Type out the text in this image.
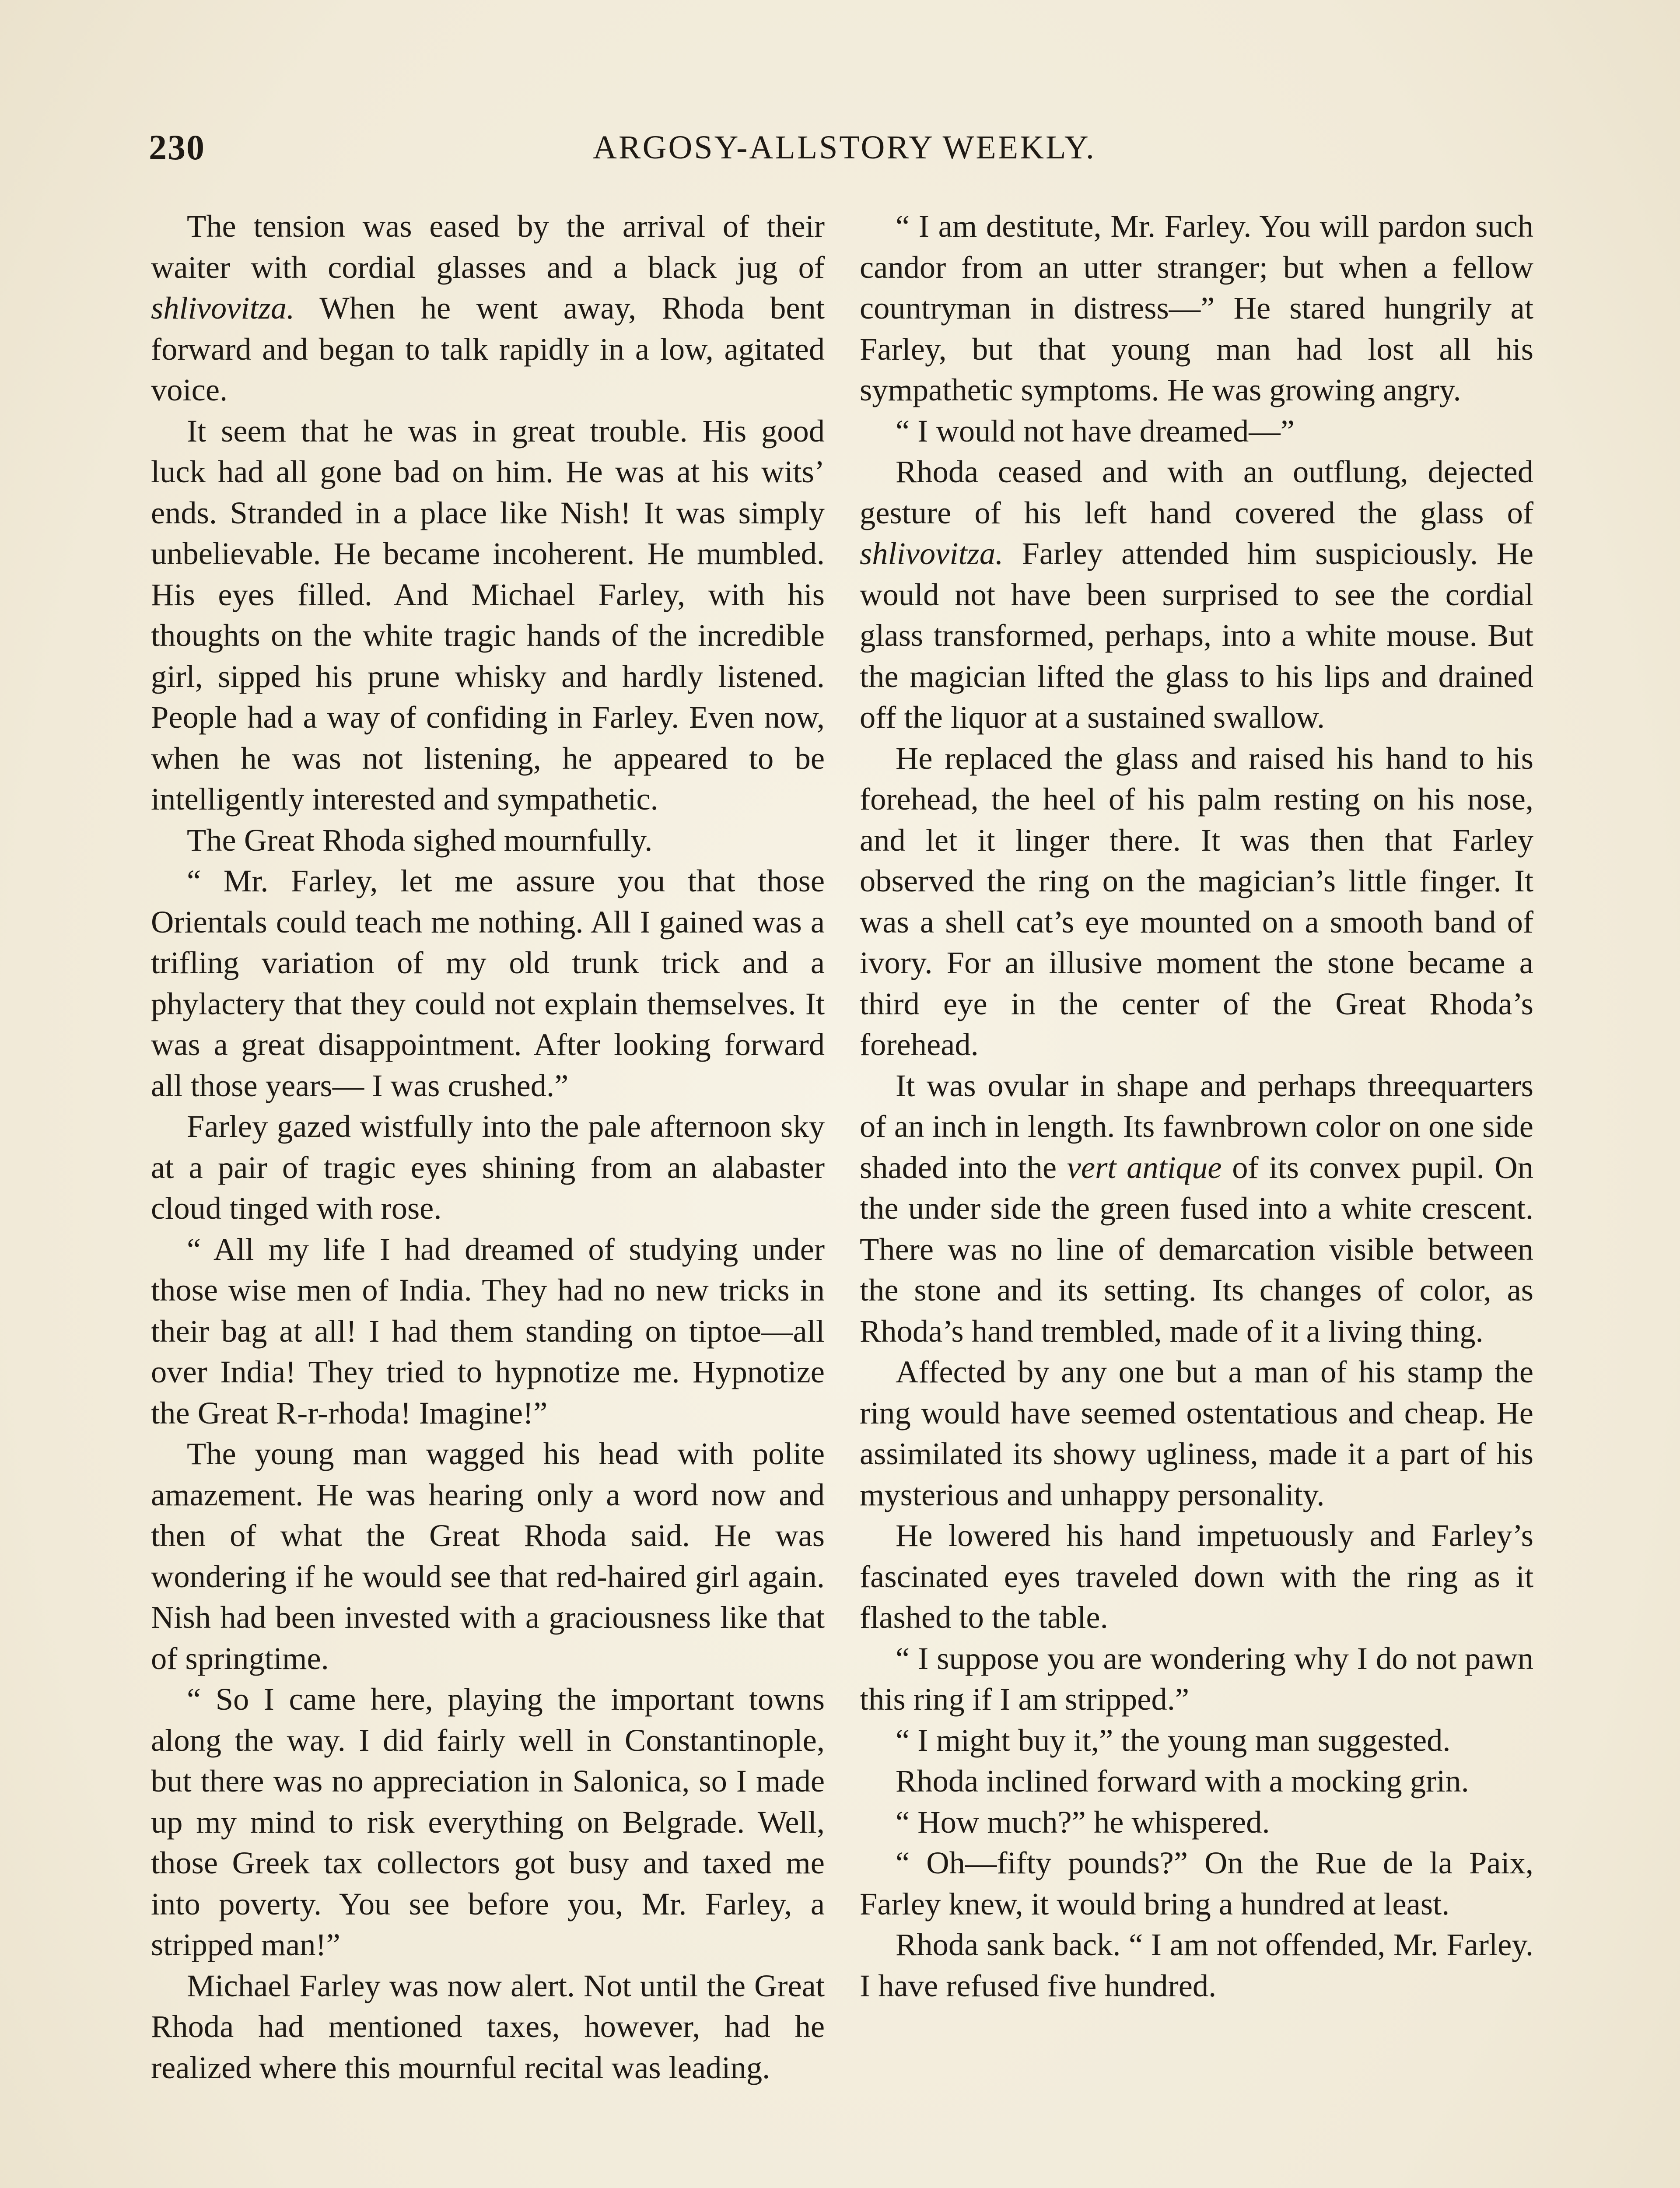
230	ARGOSY-ALLSTORY WEEKLY.

The tension was eased by the arrival of their waiter with cordial glasses and a black jug of shlivovitza. When he went away, Rhoda bent forward and began to talk rapidly in a low, agitated voice.

It seem that he was in great trouble. His good luck had all gone bad on him. He was at his wits’ ends. Stranded in a place like Nish! It was simply unbelievable. He became incoherent. He mumbled. His eyes filled. And Michael Farley, with his thoughts on the white tragic hands of the incredible girl, sipped his prune whisky and hardly listened. People had a way of confiding in Farley. Even now, when he was not listening, he appeared to be intelligently interested and sympathetic.

The Great Rhoda sighed mournfully.

“ Mr. Farley, let me assure you that those Orientals could teach me nothing. All I gained was a trifling variation of my old trunk trick and a phylactery that they could not explain themselves. It was a great disappointment. After looking forward all those years— I was crushed.”

Farley gazed wistfully into the pale afternoon sky at a pair of tragic eyes shining from an alabaster cloud tinged with rose.

“ All my life I had dreamed of studying under those wise men of India. They had no new tricks in their bag at all! I had them standing on tiptoe—all over India! They tried to hypnotize me. Hypnotize the Great R-r-rhoda! Imagine!”

The young man wagged his head with polite amazement. He was hearing only a word now and then of what the Great Rhoda said. He was wondering if he would see that red-haired girl again. Nish had been invested with a graciousness like that of springtime.

“ So I came here, playing the important towns along the way. I did fairly well in Constantinople, but there was no appreciation in Salonica, so I made up my mind to risk everything on Belgrade. Well, those Greek tax collectors got busy and taxed me into poverty. You see before you, Mr. Farley, a stripped man!”

Michael Farley was now alert. Not until the Great Rhoda had mentioned taxes, however, had he realized where this mournful recital was leading.

“ I am destitute, Mr. Farley. You will pardon such candor from an utter stranger; but when a fellow countryman in distress—” He stared hungrily at Farley, but that young man had lost all his sympathetic symptoms. He was growing angry.

“ I would not have dreamed—”

Rhoda ceased and with an outflung, dejected gesture of his left hand covered the glass of shlivovitza. Farley attended him suspiciously. He would not have been surprised to see the cordial glass transformed, perhaps, into a white mouse. But the magician lifted the glass to his lips and drained off the liquor at a sustained swallow.

He replaced the glass and raised his hand to his forehead, the heel of his palm resting on his nose, and let it linger there. It was then that Farley observed the ring on the magician’s little finger. It was a shell cat’s eye mounted on a smooth band of ivory. For an illusive moment the stone became a third eye in the center of the Great Rhoda’s forehead.

It was ovular in shape and perhaps threequarters of an inch in length. Its fawnbrown color on one side shaded into the vert antique of its convex pupil. On the under side the green fused into a white crescent. There was no line of demarcation visible between the stone and its setting. Its changes of color, as Rhoda’s hand trembled, made of it a living thing.

Affected by any one but a man of his stamp the ring would have seemed ostentatious and cheap. He assimilated its showy ugliness, made it a part of his mysterious and unhappy personality.

He lowered his hand impetuously and Farley’s fascinated eyes traveled down with the ring as it flashed to the table.

“ I suppose you are wondering why I do not pawn this ring if I am stripped.”

“ I might buy it,” the young man suggested.

Rhoda inclined forward with a mocking grin.

“ How much?” he whispered.

“ Oh—fifty pounds?” On the Rue de la Paix, Farley knew, it would bring a hundred at least.

Rhoda sank back. “ I am not offended, Mr. Farley. I have refused five hundred.
